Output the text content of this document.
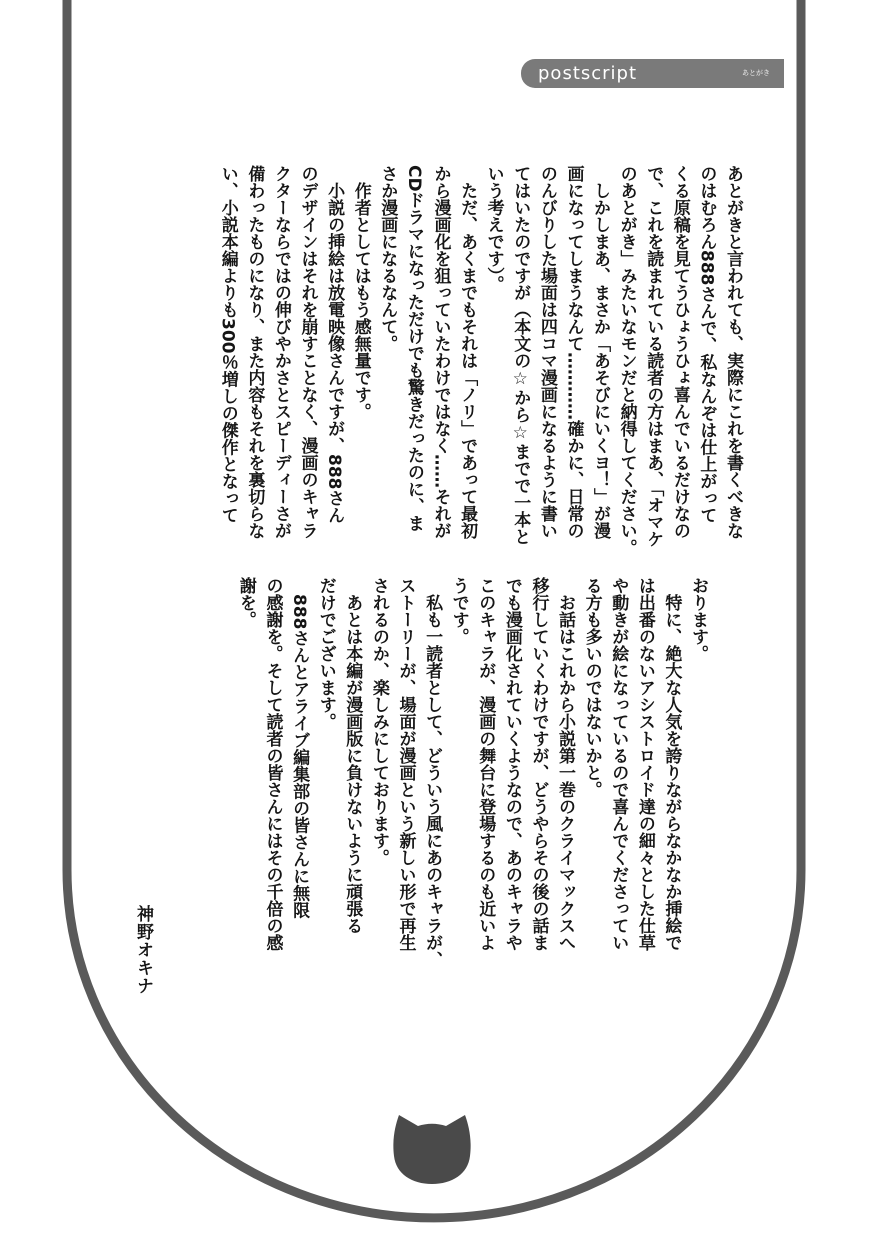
postscript	あとがき
あとがきと言われても、実際にこれを書くべきな
のはむろん888さんで、私なんぞは仕上がって
くる原稿を見てうひょうひょ喜んでいるだけなの
で、これを読まれている読者の方はまあ、「オマケ
のあとがき」みたいなモンだと納得してください。
　しかしまあ、まさか「あそびにいくヨ！」が漫
画になってしまうなんて…………確かに、日常の
のんびりした場面は四コマ漫画になるように書い
てはいたのですが（本文の☆から☆までで一本と
いう考えです）。
　ただ、あくまでもそれは「ノリ」であって最初
から漫画化を狙っていたわけではなく……それが
CDドラマになっただけでも驚きだったのに、ま
さか漫画になるなんて。
　作者としてはもう感無量です。
　小説の挿絵は放電映像さんですが、888さん
のデザインはそれを崩すことなく、漫画のキャラ
クターならではの伸びやかさとスピーディーさが
備わったものになり、また内容もそれを裏切らな
い、小説本編よりも300％増しの傑作となって
おります。
　特に、絶大な人気を誇りながらなかなか挿絵で
は出番のないアシストロイド達の細々とした仕草
や動きが絵になっているので喜んでくださってい
る方も多いのではないかと。
　お話はこれから小説第一巻のクライマックスへ
移行していくわけですが、どうやらその後の話ま
でも漫画化されていくようなので、あのキャラや
このキャラが、漫画の舞台に登場するのも近いよ
うです。
　私も一読者として、どういう風にあのキャラが、
ストーリーが、場面が漫画という新しい形で再生
されるのか、楽しみにしております。
　あとは本編が漫画版に負けないように頑張る
だけでございます。
　888さんとアライブ編集部の皆さんに無限
の感謝を。そして読者の皆さんにはその千倍の感
謝を。
神野オキナ
